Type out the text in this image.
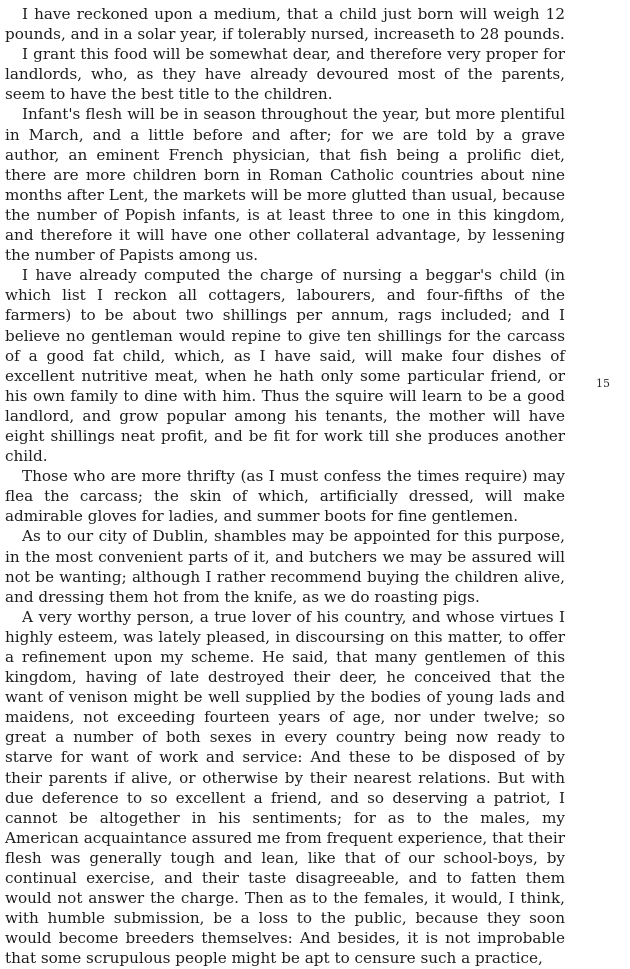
I have reckoned upon a medium, that a child just born will weigh 12 pounds, and in a solar year, if tolerably nursed, increaseth to 28 pounds.

I grant this food will be somewhat dear, and therefore very proper for landlords, who, as they have already devoured most of the parents, seem to have the best title to the children.

Infant's flesh will be in season throughout the year, but more plentiful in March, and a little before and after; for we are told by a grave author, an eminent French physician, that fish being a prolific diet, there are more children born in Roman Catholic countries about nine months after Lent, the markets will be more glutted than usual, because the number of Popish infants, is at least three to one in this kingdom, and therefore it will have one other collateral advantage, by lessening the number of Papists among us.

I have already computed the charge of nursing a beggar's child (in which list I reckon all cottagers, labourers, and four-fifths of the farmers) to be about two shillings per annum, rags included; and I believe no gentleman would repine to give ten shillings for the carcass of a good fat child, which, as I have said, will make four dishes of excellent nutritive meat, when he hath only some particular friend, or his own family to dine with him. Thus the squire will learn to be a good landlord, and grow popular among his tenants, the mother will have eight shillings neat profit, and be fit for work till she produces another child.

Those who are more thrifty (as I must confess the times require) may flea the carcass; the skin of which, artificially dressed, will make admirable gloves for ladies, and summer boots for fine gentlemen.

As to our city of Dublin, shambles may be appointed for this purpose, in the most convenient parts of it, and butchers we may be assured will not be wanting; although I rather recommend buying the children alive, and dressing them hot from the knife, as we do roasting pigs.

A very worthy person, a true lover of his country, and whose virtues I highly esteem, was lately pleased, in discoursing on this matter, to offer a refinement upon my scheme. He said, that many gentlemen of this kingdom, having of late destroyed their deer, he conceived that the want of venison might be well supplied by the bodies of young lads and maidens, not exceeding fourteen years of age, nor under twelve; so great a number of both sexes in every country being now ready to starve for want of work and service: And these to be disposed of by their parents if alive, or otherwise by their nearest relations. But with due deference to so excellent a friend, and so deserving a patriot, I cannot be altogether in his sentiments; for as to the males, my American acquaintance assured me from frequent experience, that their flesh was generally tough and lean, like that of our school-boys, by continual exercise, and their taste disagreeable, and to fatten them would not answer the charge. Then as to the females, it would, I think, with humble submission, be a loss to the public, because they soon would become breeders themselves: And besides, it is not improbable that some scrupulous people might be apt to censure such a practice,

15
